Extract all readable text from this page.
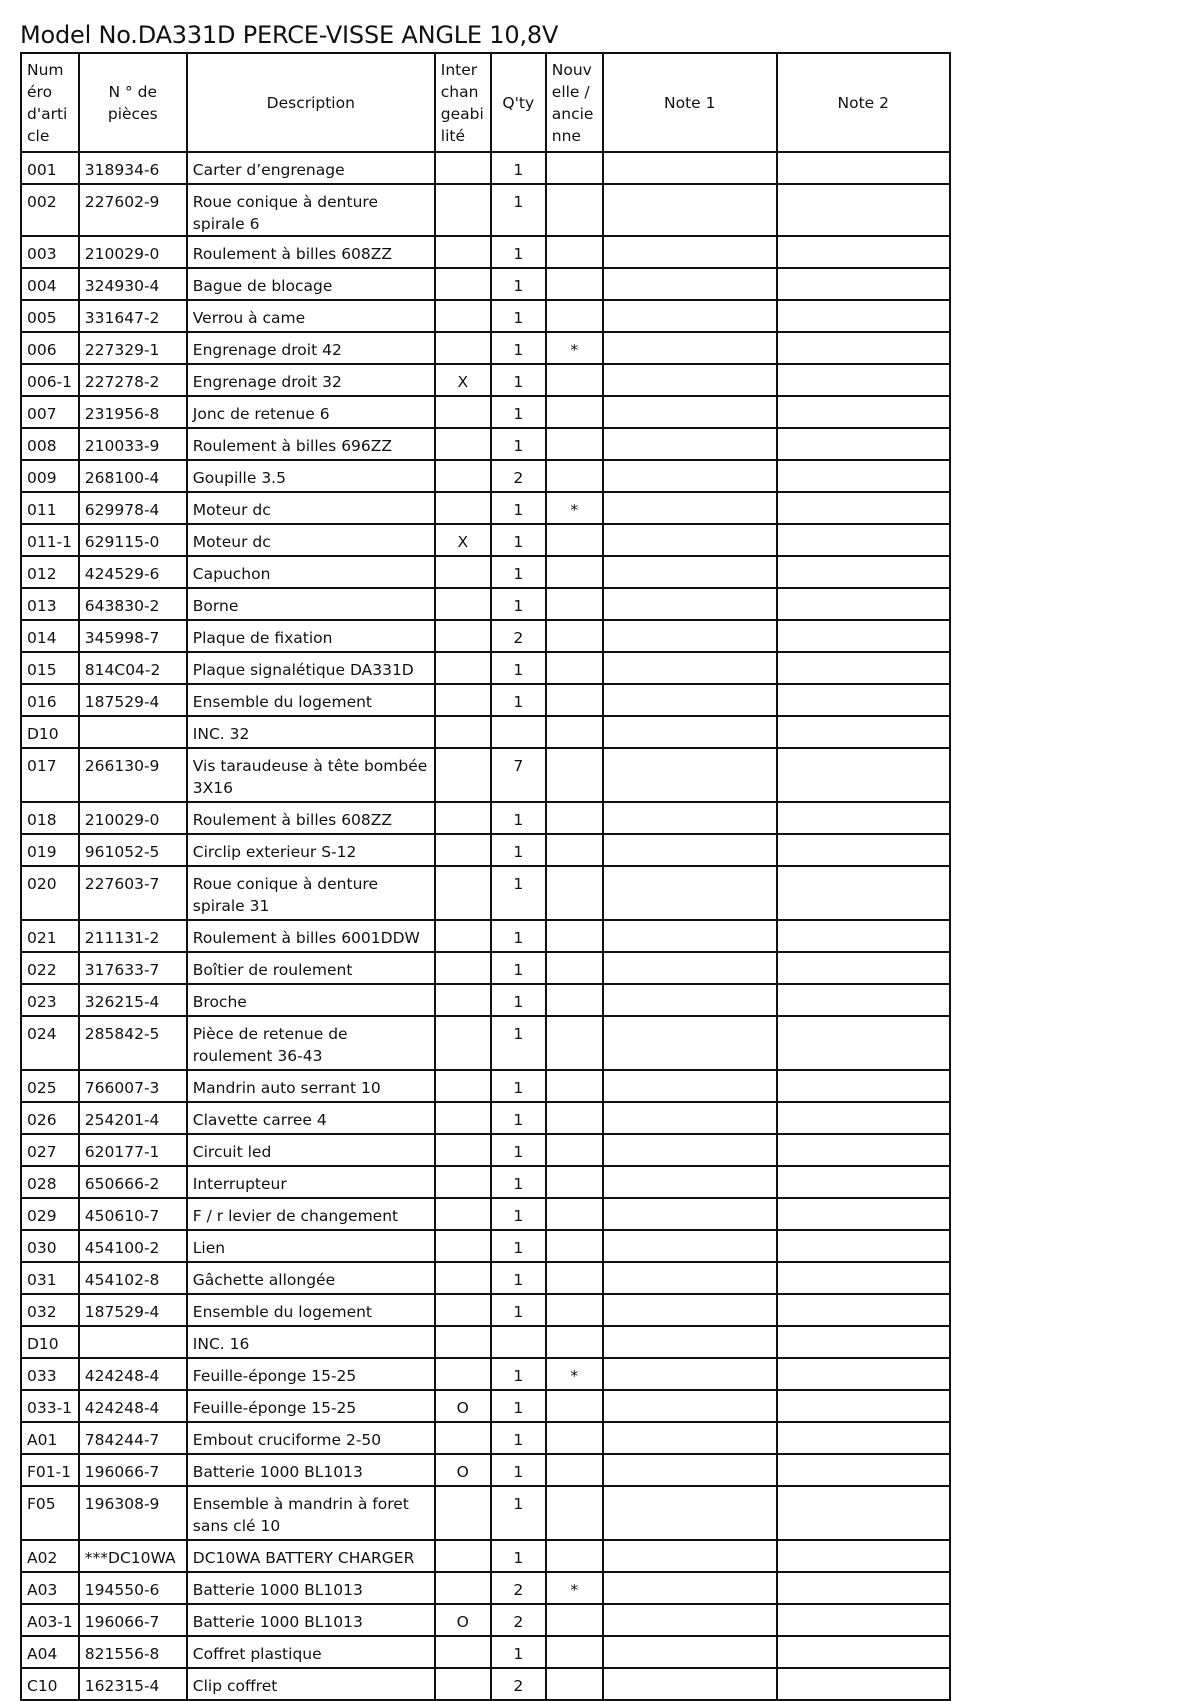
Model No.DA331D PERCE-VISSE ANGLE 10,8V
Numéro d'article	N ° de pièces	Description	Interchangeabilité	Q'ty	Nouvelle / ancienne	Note 1	Note 2
001	318934-6	Carter d’engrenage		1			
002	227602-9	Roue conique à denture spirale 6		1			
003	210029-0	Roulement à billes 608ZZ		1			
004	324930-4	Bague de blocage		1			
005	331647-2	Verrou à came		1			
006	227329-1	Engrenage droit 42		1	*		
006-1	227278-2	Engrenage droit 32	X	1			
007	231956-8	Jonc de retenue 6		1			
008	210033-9	Roulement à billes 696ZZ		1			
009	268100-4	Goupille 3.5		2			
011	629978-4	Moteur dc		1	*		
011-1	629115-0	Moteur dc	X	1			
012	424529-6	Capuchon		1			
013	643830-2	Borne		1			
014	345998-7	Plaque de fixation		2			
015	814C04-2	Plaque signalétique DA331D		1			
016	187529-4	Ensemble du logement		1			
D10		INC. 32					
017	266130-9	Vis taraudeuse à tête bombée 3X16		7			
018	210029-0	Roulement à billes 608ZZ		1			
019	961052-5	Circlip exterieur S-12		1			
020	227603-7	Roue conique à denture spirale 31		1			
021	211131-2	Roulement à billes 6001DDW		1			
022	317633-7	Boîtier de roulement		1			
023	326215-4	Broche		1			
024	285842-5	Pièce de retenue de roulement 36-43		1			
025	766007-3	Mandrin auto serrant 10		1			
026	254201-4	Clavette carree 4		1			
027	620177-1	Circuit led		1			
028	650666-2	Interrupteur		1			
029	450610-7	F / r levier de changement		1			
030	454100-2	Lien		1			
031	454102-8	Gâchette allongée		1			
032	187529-4	Ensemble du logement		1			
D10		INC. 16					
033	424248-4	Feuille-éponge 15-25		1	*		
033-1	424248-4	Feuille-éponge 15-25	O	1			
A01	784244-7	Embout cruciforme 2-50		1			
F01-1	196066-7	Batterie 1000 BL1013	O	1			
F05	196308-9	Ensemble à mandrin à foret sans clé 10		1			
A02	***DC10WA	DC10WA BATTERY CHARGER		1			
A03	194550-6	Batterie 1000 BL1013		2	*		
A03-1	196066-7	Batterie 1000 BL1013	O	2			
A04	821556-8	Coffret plastique		1			
C10	162315-4	Clip coffret		2			
